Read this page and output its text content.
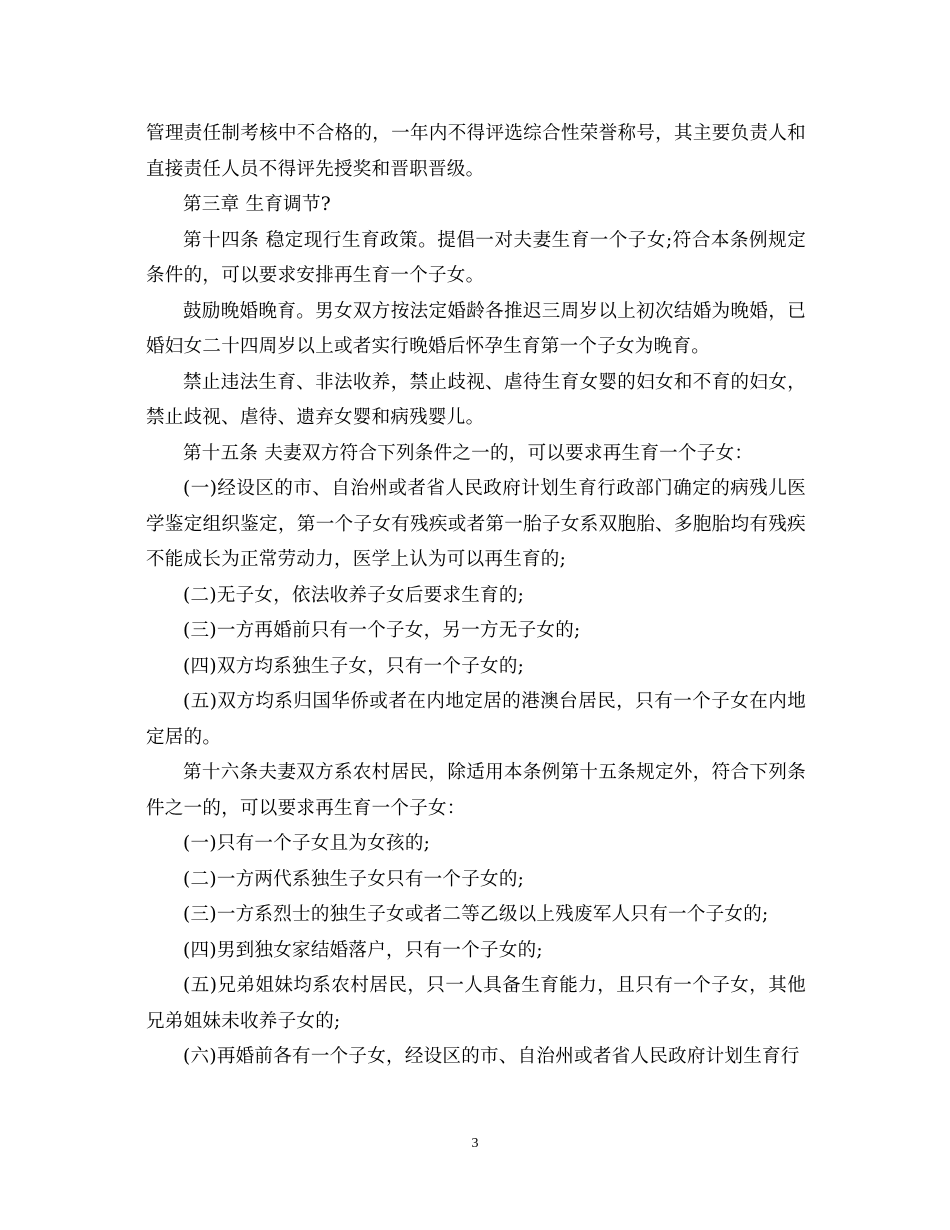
管理责任制考核中不合格的，一年内不得评选综合性荣誉称号，其主要负责人和直接责任人员不得评先授奖和晋职晋级。

第三章 生育调节?

第十四条 稳定现行生育政策。提倡一对夫妻生育一个子女;符合本条例规定条件的，可以要求安排再生育一个子女。

鼓励晚婚晚育。男女双方按法定婚龄各推迟三周岁以上初次结婚为晚婚，已婚妇女二十四周岁以上或者实行晚婚后怀孕生育第一个子女为晚育。

禁止违法生育、非法收养，禁止歧视、虐待生育女婴的妇女和不育的妇女，禁止歧视、虐待、遗弃女婴和病残婴儿。

第十五条 夫妻双方符合下列条件之一的，可以要求再生育一个子女：

(一)经设区的市、自治州或者省人民政府计划生育行政部门确定的病残儿医学鉴定组织鉴定，第一个子女有残疾或者第一胎子女系双胞胎、多胞胎均有残疾不能成长为正常劳动力，医学上认为可以再生育的;

(二)无子女，依法收养子女后要求生育的;

(三)一方再婚前只有一个子女，另一方无子女的;

(四)双方均系独生子女，只有一个子女的;

(五)双方均系归国华侨或者在内地定居的港澳台居民，只有一个子女在内地定居的。

第十六条夫妻双方系农村居民，除适用本条例第十五条规定外，符合下列条件之一的，可以要求再生育一个子女：

(一)只有一个子女且为女孩的;

(二)一方两代系独生子女只有一个子女的;

(三)一方系烈士的独生子女或者二等乙级以上残废军人只有一个子女的;

(四)男到独女家结婚落户，只有一个子女的;

(五)兄弟姐妹均系农村居民，只一人具备生育能力，且只有一个子女，其他兄弟姐妹未收养子女的;

(六)再婚前各有一个子女，经设区的市、自治州或者省人民政府计划生育行

3
